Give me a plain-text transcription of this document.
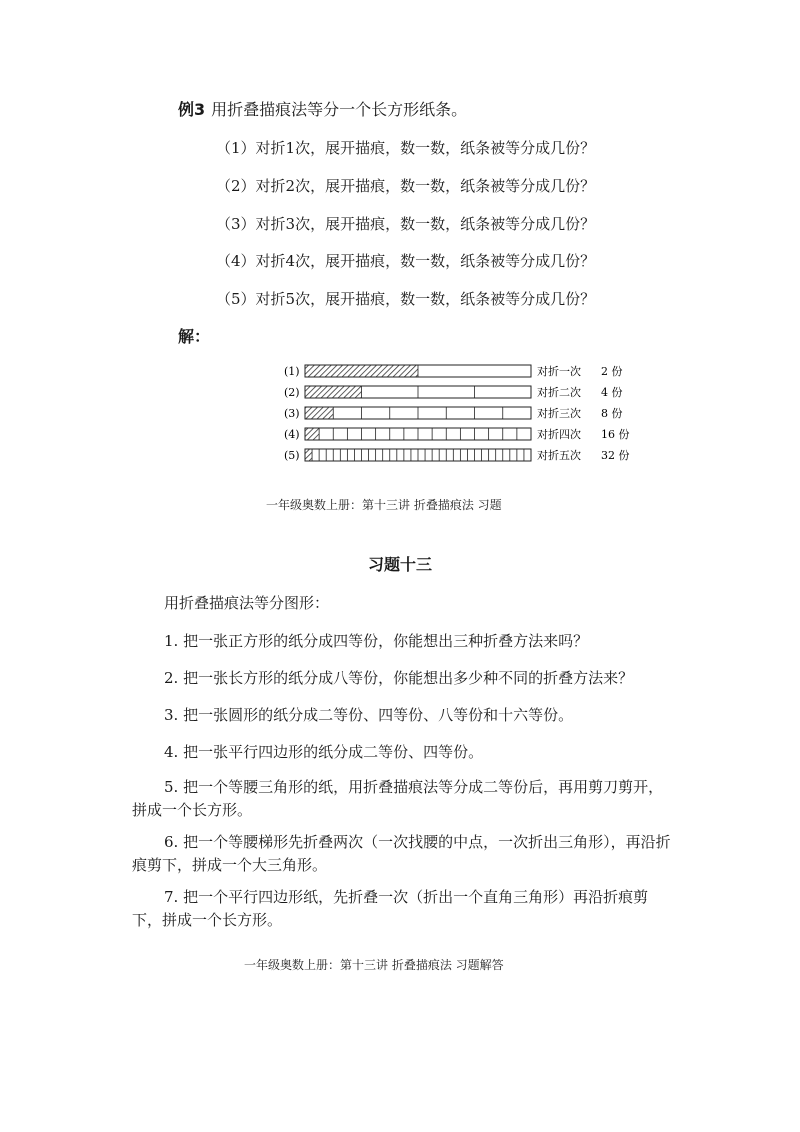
例3 用折叠描痕法等分一个长方形纸条。
（1）对折1次，展开描痕，数一数，纸条被等分成几份？
（2）对折2次，展开描痕，数一数，纸条被等分成几份？
（3）对折3次，展开描痕，数一数，纸条被等分成几份？
（4）对折4次，展开描痕，数一数，纸条被等分成几份？
（5）对折5次，展开描痕，数一数，纸条被等分成几份？
解：
(1)	对折一次 2 份
(2)	对折二次 4 份
(3)	对折三次 8 份
(4)	对折四次 16 份
(5)	对折五次 32 份
一年级奥数上册：第十三讲 折叠描痕法 习题
习题十三
用折叠描痕法等分图形：
1. 把一张正方形的纸分成四等份，你能想出三种折叠方法来吗？
2. 把一张长方形的纸分成八等份，你能想出多少种不同的折叠方法来？
3. 把一张圆形的纸分成二等份、四等份、八等份和十六等份。
4. 把一张平行四边形的纸分成二等份、四等份。
5. 把一个等腰三角形的纸，用折叠描痕法等分成二等份后，再用剪刀剪开，拼成一个长方形。
6. 把一个等腰梯形先折叠两次（一次找腰的中点，一次折出三角形），再沿折痕剪下，拼成一个大三角形。
7. 把一个平行四边形纸，先折叠一次（折出一个直角三角形）再沿折痕剪下，拼成一个长方形。
一年级奥数上册：第十三讲 折叠描痕法 习题解答
